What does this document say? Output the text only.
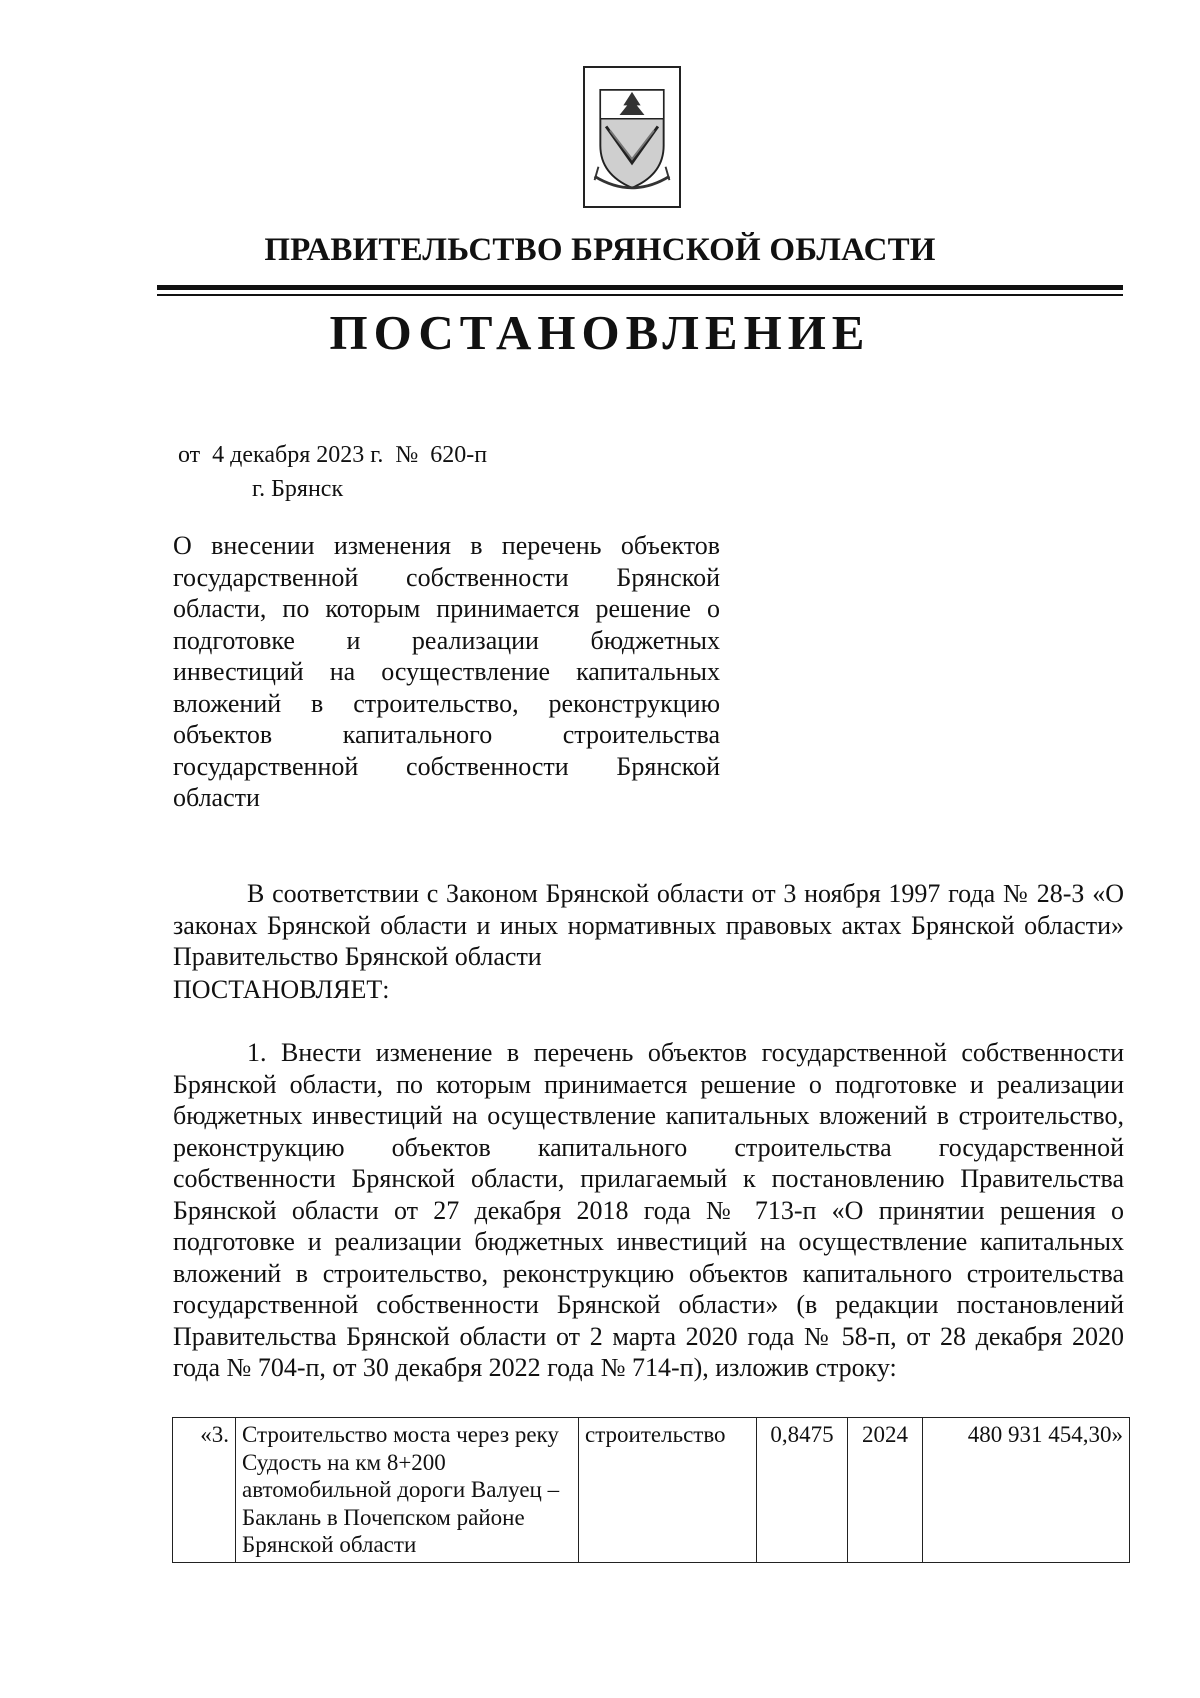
ПРАВИТЕЛЬСТВО БРЯНСКОЙ ОБЛАСТИ
ПОСТАНОВЛЕНИЕ
от  4 декабря 2023 г.  №  620-п
г. Брянск
О внесении изменения в перечень объектов государственной собственности Брянской области, по которым принимается решение о подготовке и реализации бюджетных инвестиций на осуществление капитальных вложений в строительство, реконструкцию объектов капитального строительства государственной собственности Брянской области
В соответствии с Законом Брянской области от 3 ноября 1997 года № 28-З «О законах Брянской области и иных нормативных правовых актах Брянской области» Правительство Брянской области
ПОСТАНОВЛЯЕТ:
1. Внести изменение в перечень объектов государственной собственности Брянской области, по которым принимается решение о подготовке и реализации бюджетных инвестиций на осуществление капитальных вложений в строительство, реконструкцию объектов капитального строительства государственной собственности Брянской области, прилагаемый к постановлению Правительства Брянской области от 27 декабря 2018 года № 713-п «О принятии решения о подготовке и реализации бюджетных инвестиций на осуществление капитальных вложений в строительство, реконструкцию объектов капитального строительства государственной собственности Брянской области» (в редакции постановлений Правительства Брянской области от 2 марта 2020 года № 58-п, от 28 декабря 2020 года № 704-п, от 30 декабря 2022 года № 714-п), изложив строку:
«3.	Строительство моста через реку Судость на км 8+200 автомобильной дороги Валуец – Баклань в Почепском районе Брянской области	строительство	0,8475	2024	480 931 454,30»
